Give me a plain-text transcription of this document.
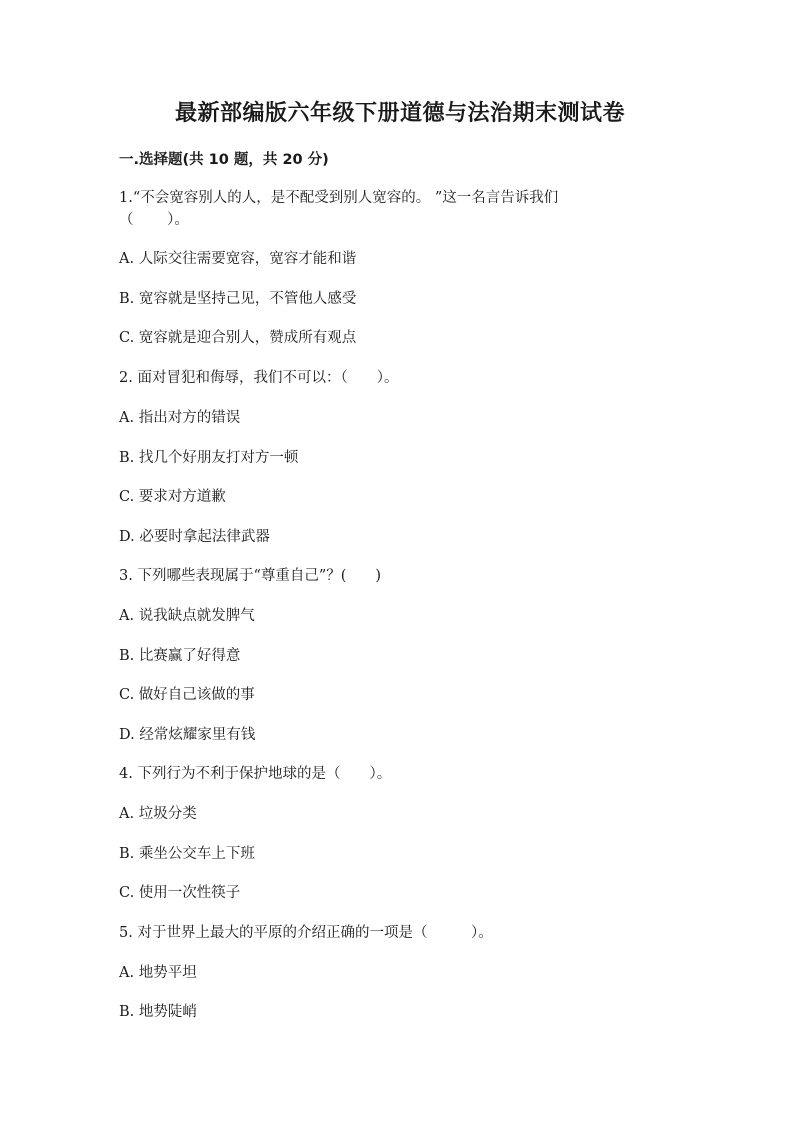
最新部编版六年级下册道德与法治期末测试卷
一.选择题(共 10 题，共 20 分)
1.“不会宽容别人的人，是不配受到别人宽容的。 ”这一名言告诉我们
（　　 ）。
A. 人际交往需要宽容，宽容才能和谐
B. 宽容就是坚持己见，不管他人感受
C. 宽容就是迎合别人，赞成所有观点
2. 面对冒犯和侮辱，我们不可以：（　　）。
A. 指出对方的错误
B. 找几个好朋友打对方一顿
C. 要求对方道歉
D. 必要时拿起法律武器
3. 下列哪些表现属于“尊重自己”？(　　)
A. 说我缺点就发脾气
B. 比赛赢了好得意
C. 做好自己该做的事
D. 经常炫耀家里有钱
4. 下列行为不利于保护地球的是（　　）。
A. 垃圾分类
B. 乘坐公交车上下班
C. 使用一次性筷子
5. 对于世界上最大的平原的介绍正确的一项是（　　　）。
A. 地势平坦
B. 地势陡峭
